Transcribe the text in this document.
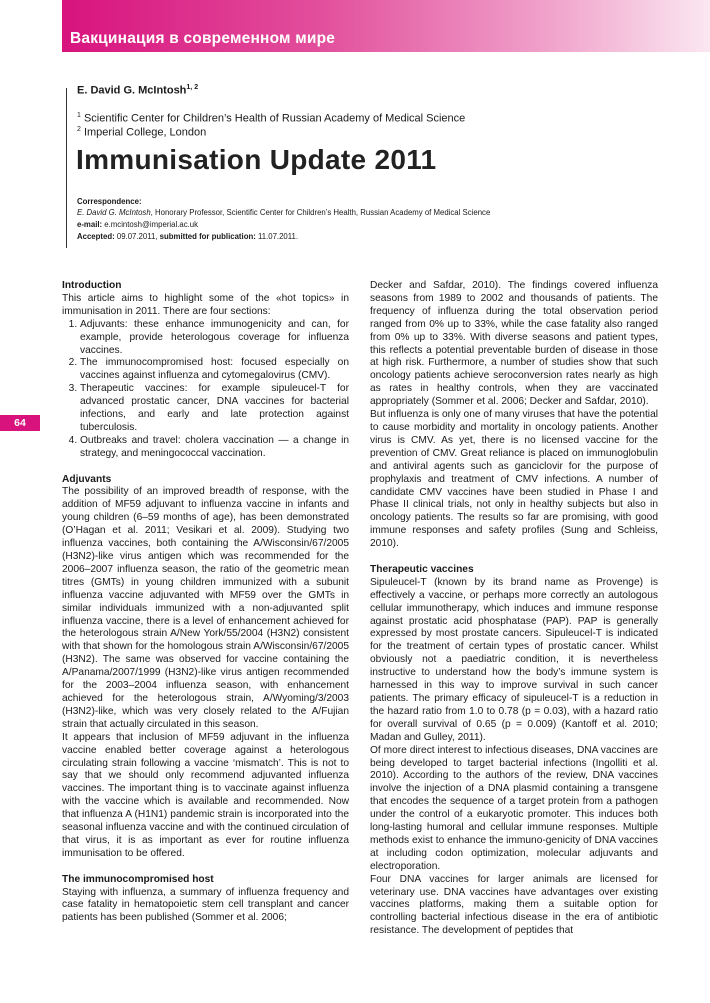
Вакцинация в современном мире
E. David G. McIntosh$^{1, 2}$
$^1$ Scientific Center for Children’s Health of Russian Academy of Medical Science
$^2$ Imperial College, London
Immunisation Update 2011
Correspondence:
E. David G. McIntosh, Honorary Professor, Scientific Center for Children’s Health, Russian Academy of Medical Science
e-mail: e.mcintosh@imperial.ac.uk
Accepted: 09.07.2011, submitted for publication: 11.07.2011.
64

Introduction

This article aims to highlight some of the «hot topics» in immunisation in 2011. There are four sections:

1. Adjuvants: these enhance immunogenicity and can, for example, provide heterologous coverage for influenza vaccines.
2. The immunocompromised host: focused especially on vaccines against influenza and cytomegalovirus (CMV).
3. Therapeutic vaccines: for example sipuleucel-T for advanced prostatic cancer, DNA vaccines for bacterial infections, and early and late protection against tuberculosis.
4. Outbreaks and travel: cholera vaccination — a change in strategy, and meningococcal vaccination.

Adjuvants

The possibility of an improved breadth of response, with the addition of MF59 adjuvant to influenza vaccine in infants and young children (6–59 months of age), has been demonstrated (O’Hagan et al. 2011; Vesikari et al. 2009). Studying two influenza vaccines, both containing the A/Wisconsin/67/2005 (H3N2)-like virus antigen which was recommended for the 2006–2007 influenza season, the ratio of the geometric mean titres (GMTs) in young children immunized with a subunit influenza vaccine adjuvanted with MF59 over the GMTs in similar individuals immunized with a non-adjuvanted split influenza vaccine, there is a level of enhancement achieved for the heterologous strain A/New York/55/2004 (H3N2) consistent with that shown for the homologous strain A/Wisconsin/67/2005 (H3N2). The same was observed for vaccine containing the A/Panama/2007/1999 (H3N2)-like virus antigen recommended for the 2003–2004 influenza season, with enhancement achieved for the heterologous strain, A/Wyoming/3/2003 (H3N2)-like, which was very closely related to the A/Fujian strain that actually circulated in this season.

It appears that inclusion of MF59 adjuvant in the influenza vaccine enabled better coverage against a heterologous circulating strain following a vaccine ‘mismatch’. This is not to say that we should only recommend adjuvanted influenza vaccines. The important thing is to vaccinate against influenza with the vaccine which is available and recommended. Now that influenza A (H1N1) pandemic strain is incorporated into the seasonal influenza vaccine and with the continued circulation of that virus, it is as important as ever for routine influenza immunisation to be offered.

The immunocompromised host

Staying with influenza, a summary of influenza frequency and case fatality in hematopoietic stem cell transplant and cancer patients has been published (Sommer et al. 2006;

Decker and Safdar, 2010). The findings covered influenza seasons from 1989 to 2002 and thousands of patients. The frequency of influenza during the total observation period ranged from 0% up to 33%, while the case fatality also ranged from 0% up to 33%. With diverse seasons and patient types, this reflects a potential preventable burden of disease in those at high risk. Furthermore, a number of studies show that such oncology patients achieve seroconversion rates nearly as high as rates in healthy controls, when they are vaccinated appropriately (Sommer et al. 2006; Decker and Safdar, 2010).

But influenza is only one of many viruses that have the potential to cause morbidity and mortality in oncology patients. Another virus is CMV. As yet, there is no licensed vaccine for the prevention of CMV. Great reliance is placed on immunoglobulin and antiviral agents such as ganciclovir for the purpose of prophylaxis and treatment of CMV infections. A number of candidate CMV vaccines have been studied in Phase I and Phase II clinical trials, not only in healthy subjects but also in oncology patients. The results so far are promising, with good immune responses and safety profiles (Sung and Schleiss, 2010).

Therapeutic vaccines

Sipuleucel-T (known by its brand name as Provenge) is effectively a vaccine, or perhaps more correctly an autologous cellular immunotherapy, which induces and immune response against prostatic acid phosphatase (PAP). PAP is generally expressed by most prostate cancers. Sipuleucel-T is indicated for the treatment of certain types of prostatic cancer. Whilst obviously not a paediatric condition, it is nevertheless instructive to understand how the body’s immune system is harnessed in this way to improve survival in such cancer patients. The primary efficacy of sipuleucel-T is a reduction in the hazard ratio from 1.0 to 0.78 (p = 0.03), with a hazard ratio for overall survival of 0.65 (p = 0.009) (Kantoff et al. 2010; Madan and Gulley, 2011).

Of more direct interest to infectious diseases, DNA vaccines are being developed to target bacterial infections (Ingolliti et al. 2010). According to the authors of the review, DNA vaccines involve the injection of a DNA plasmid containing a transgene that encodes the sequence of a target protein from a pathogen under the control of a eukaryotic promoter. This induces both long-lasting humoral and cellular immune responses. Multiple methods exist to enhance the immuno-genicity of DNA vaccines at including codon optimization, molecular adjuvants and electroporation.

Four DNA vaccines for larger animals are licensed for veterinary use. DNA vaccines have advantages over existing vaccines platforms, making them a suitable option for controlling bacterial infectious disease in the era of antibiotic resistance. The development of peptides that
